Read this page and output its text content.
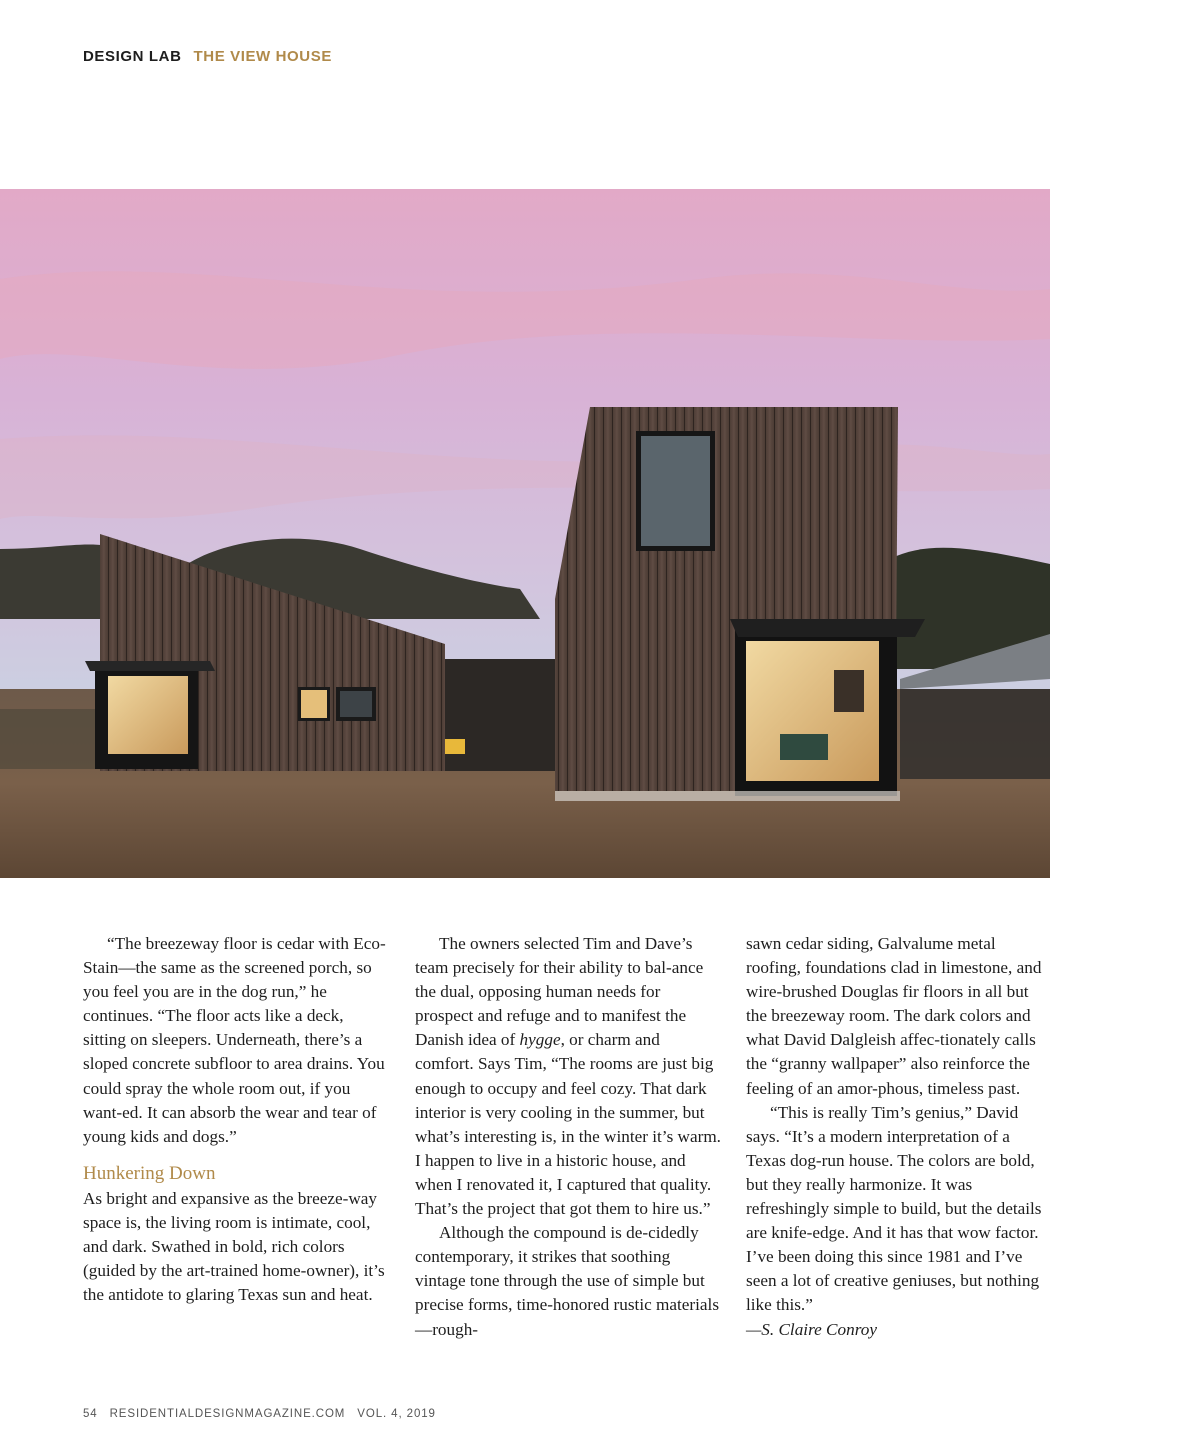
DESIGN LAB THE VIEW HOUSE

“The breezeway floor is cedar with Eco-Stain—the same as the screened porch, so you feel you are in the dog run,” he continues. “The floor acts like a deck, sitting on sleepers. Underneath, there’s a sloped concrete subfloor to area drains. You could spray the whole room out, if you want-ed. It can absorb the wear and tear of young kids and dogs.”

Hunkering Down

As bright and expansive as the breeze-way space is, the living room is intimate, cool, and dark. Swathed in bold, rich colors (guided by the art-trained home-owner), it’s the antidote to glaring Texas sun and heat.

The owners selected Tim and Dave’s team precisely for their ability to bal-ance the dual, opposing human needs for prospect and refuge and to manifest the Danish idea of hygge, or charm and comfort. Says Tim, “The rooms are just big enough to occupy and feel cozy. That dark interior is very cooling in the summer, but what’s interesting is, in the winter it’s warm. I happen to live in a historic house, and when I renovated it, I captured that quality. That’s the project that got them to hire us.”

Although the compound is de-cidedly contemporary, it strikes that soothing vintage tone through the use of simple but precise forms, time-honored rustic materials—rough-

sawn cedar siding, Galvalume metal roofing, foundations clad in limestone, and wire-brushed Douglas fir floors in all but the breezeway room. The dark colors and what David Dalgleish affec-tionately calls the “granny wallpaper” also reinforce the feeling of an amor-phous, timeless past.

“This is really Tim’s genius,” David says. “It’s a modern interpretation of a Texas dog-run house. The colors are bold, but they really harmonize. It was refreshingly simple to build, but the details are knife-edge. And it has that wow factor. I’ve been doing this since 1981 and I’ve seen a lot of creative geniuses, but nothing like this.”

—S. Claire Conroy

54 RESIDENTIALDESIGNMAGAZINE.COM VOL. 4, 2019
